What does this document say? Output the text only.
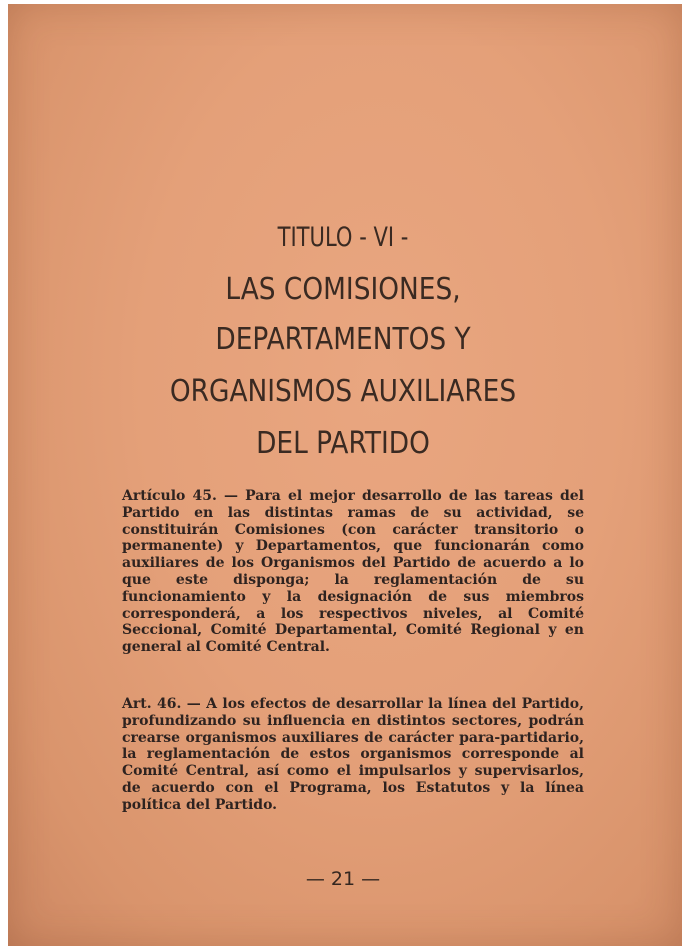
TITULO - VI -
LAS COMISIONES,
DEPARTAMENTOS Y
ORGANISMOS AUXILIARES
DEL PARTIDO

Artículo 45. — Para el mejor desarrollo de las tareas del Partido en las distintas ramas de su actividad, se constituirán Comisiones (con carácter transitorio o permanente) y Departamentos, que funcionarán como auxiliares de los Organismos del Partido de acuerdo a lo que este disponga; la reglamentación de su funcionamiento y la designación de sus miembros corresponderá, a los respectivos niveles, al Comité Seccional, Comité Departamental, Comité Regional y en general al Comité Central.

Art. 46. — A los efectos de desarrollar la línea del Partido, profundizando su influencia en distintos sectores, podrán crearse organismos auxiliares de carácter para-partidario, la reglamentación de estos organismos corresponde al Comité Central, así como el impulsarlos y supervisarlos, de acuerdo con el Programa, los Estatutos y la línea política del Partido.

— 21 —
